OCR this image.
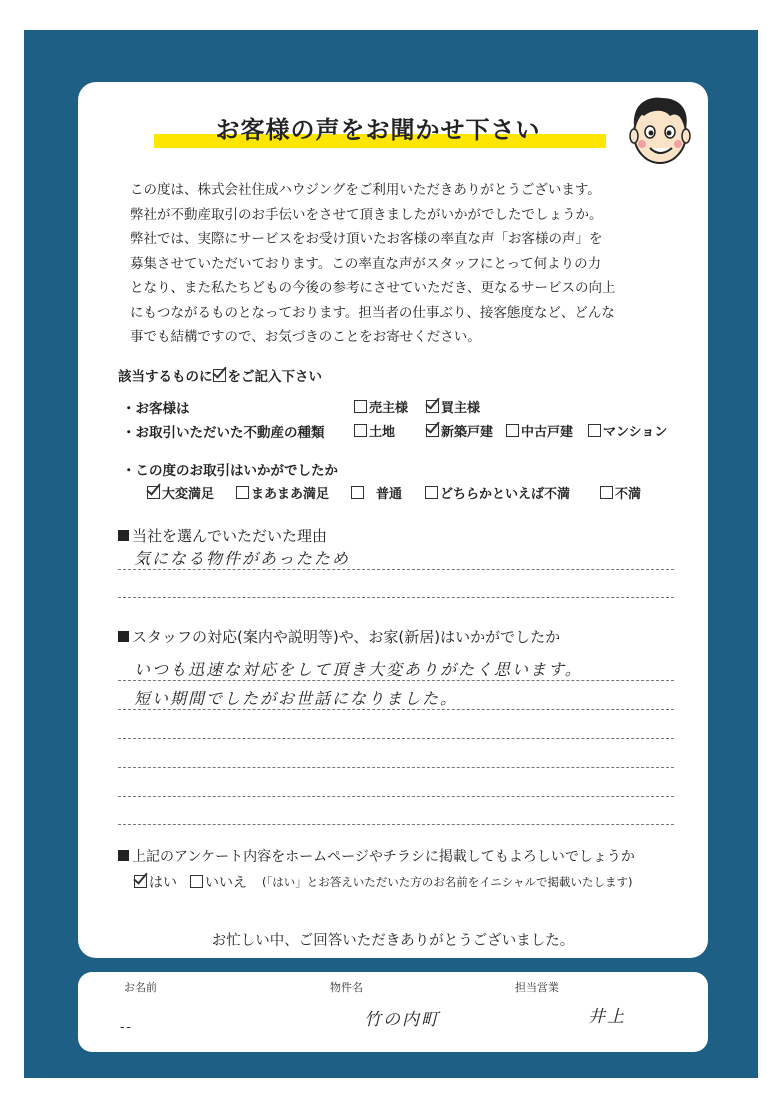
お客様の声をお聞かせ下さい
この度は、株式会社住成ハウジングをご利用いただきありがとうございます。
弊社が不動産取引のお手伝いをさせて頂きましたがいかがでしたでしょうか。
弊社では、実際にサービスをお受け頂いたお客様の率直な声「お客様の声」を
募集させていただいております。この率直な声がスタッフにとって何よりの力
となり、また私たちどもの今後の参考にさせていただき、更なるサービスの向上
にもつながるものとなっております。担当者の仕事ぶり、接客態度など、どんな
事でも結構ですので、お気づきのことをお寄せください。
該当するものに をご記入下さい
・お客様は	売主様	買主様
・お取引いただいた不動産の種類	土地	新築戸建	中古戸建	マンション
・この度のお取引はいかがでしたか
大変満足	まあまあ満足	普通	どちらかといえば不満	不満
当社を選んでいただいた理由
気になる物件があったため
スタッフの対応(案内や説明等)や、お家(新居)はいかがでしたか
いつも迅速な対応をして頂き大変ありがたく思います。
短い期間でしたがお世話になりました。
上記のアンケート内容をホームページやチラシに掲載してもよろしいでしょうか
はい	いいえ (「はい」とお答えいただいた方のお名前をイニシャルで掲載いたします)
お忙しい中、ご回答いただきありがとうございました。
お名前	物件名	担当営業
--	竹の内町	井上
